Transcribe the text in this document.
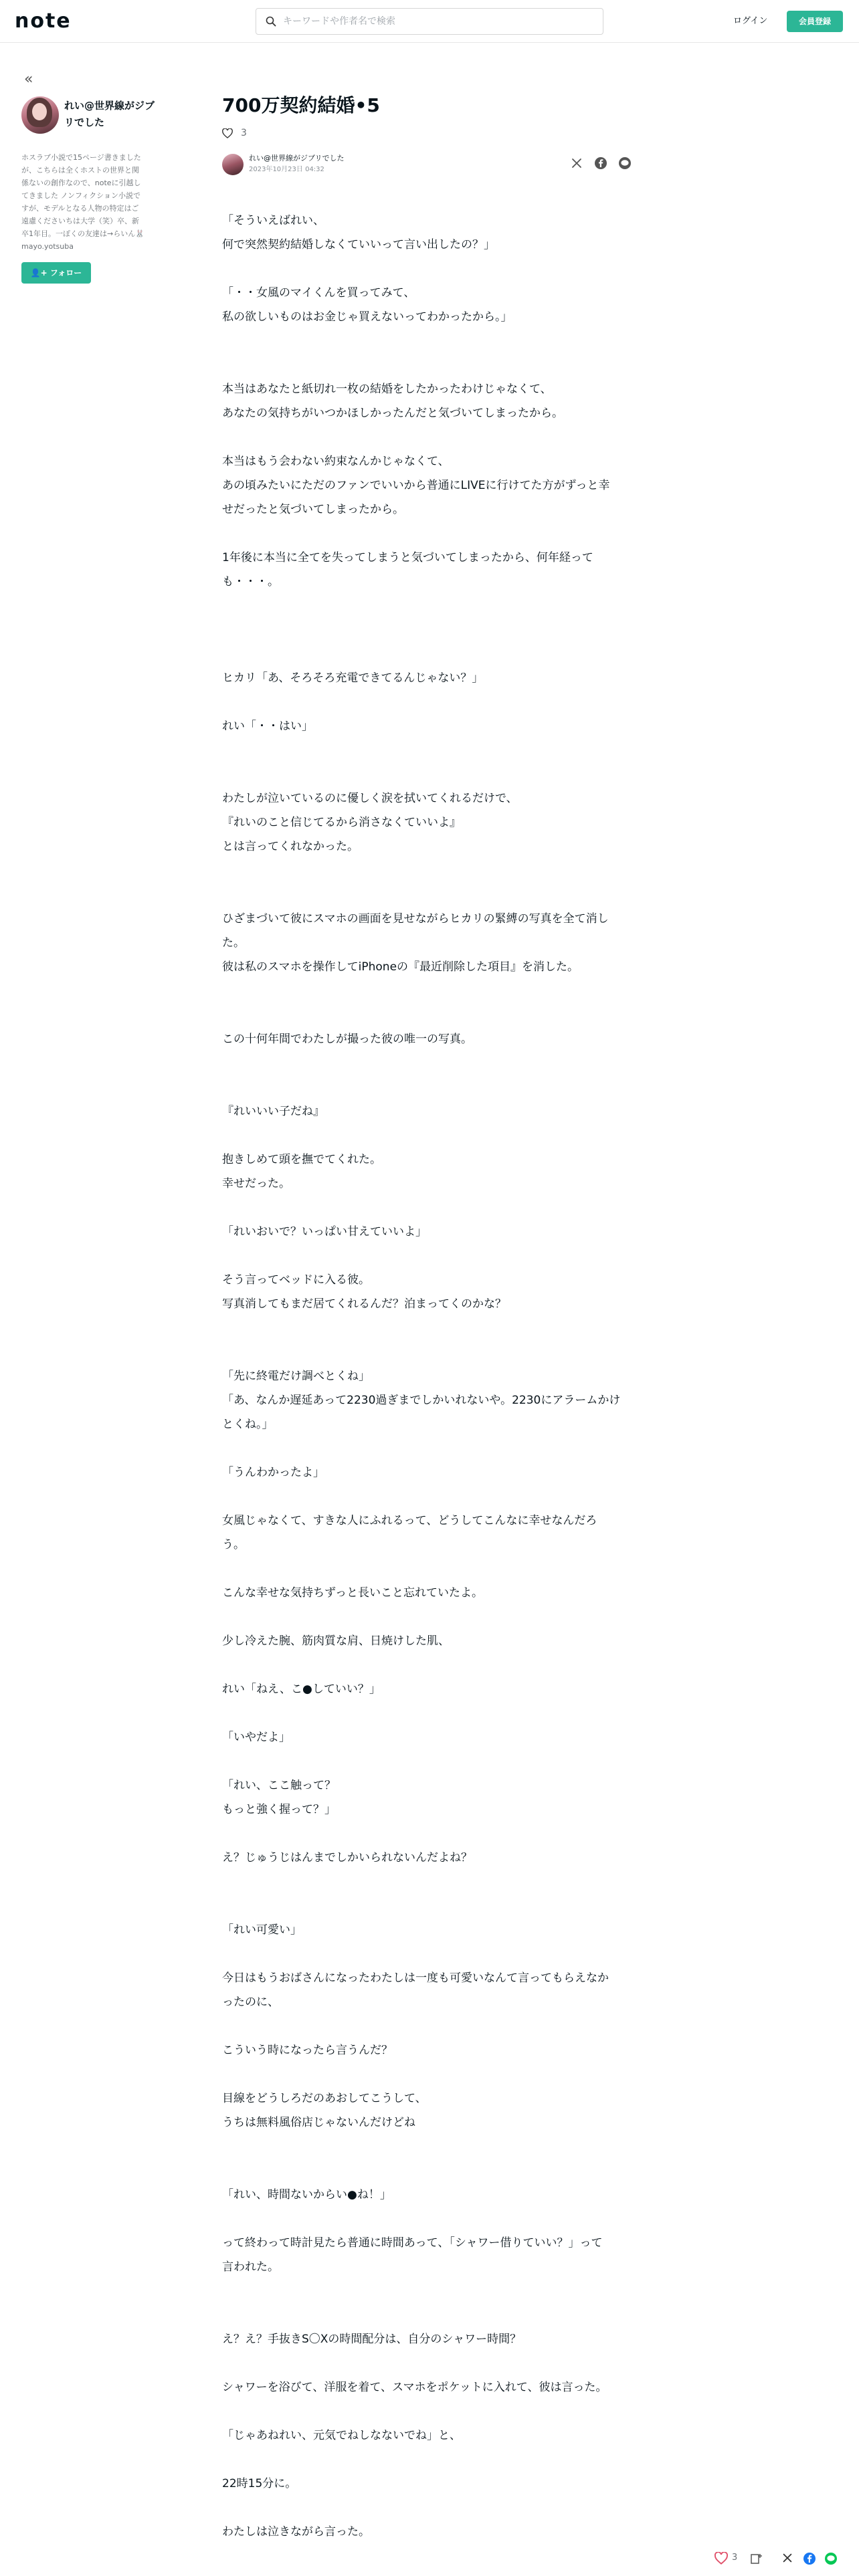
note
キーワードや作者名で検索	ログイン	会員登録
«
れい@世界線がジブリでした
ホスラブ小説で15ページ書きましたが、こちらは全くホストの世界と関係ないの創作なので、noteに引越してきました ノンフィクション小説ですが、モデルとなる人物の特定はご遠慮くださいちは大学（笑）卒、新卒1年目。一ぽくの友達は→らいん🐰 mayo.yotsuba
👤+ フォロー
700万契約結婚•5
3
れい@世界線がジブリでした
2023年10月23日 04:32

「そういえばれい、

何で突然契約結婚しなくていいって言い出したの？」

「・・女風のマイくんを買ってみて、

私の欲しいものはお金じゃ買えないってわかったから。」

本当はあなたと紙切れ一枚の結婚をしたかったわけじゃなくて、

あなたの気持ちがいつかほしかったんだと気づいてしまったから。

本当はもう会わない約束なんかじゃなくて、

あの頃みたいにただのファンでいいから普通にLIVEに行けてた方がずっと幸

せだったと気づいてしまったから。

1年後に本当に全てを失ってしまうと気づいてしまったから、何年経って

も・・・。

ヒカリ「あ、そろそろ充電できてるんじゃない？」

れい「・・はい」

わたしが泣いているのに優しく涙を拭いてくれるだけで、

『れいのこと信じてるから消さなくていいよ』

とは言ってくれなかった。

ひざまづいて彼にスマホの画面を見せながらヒカリの緊縛の写真を全て消し

た。

彼は私のスマホを操作してiPhoneの『最近削除した項目』を消した。

この十何年間でわたしが撮った彼の唯一の写真。

『れいいい子だね』

抱きしめて頭を撫でてくれた。

幸せだった。

「れいおいで？いっぱい甘えていいよ」

そう言ってベッドに入る彼。

写真消してもまだ居てくれるんだ？泊まってくのかな？

「先に終電だけ調べとくね」

「あ、なんか遅延あって2230過ぎまでしかいれないや。2230にアラームかけ

とくね。」

「うんわかったよ」

女風じゃなくて、すきな人にふれるって、どうしてこんなに幸せなんだろ

う。

こんな幸せな気持ちずっと長いこと忘れていたよ。

少し冷えた腕、筋肉質な肩、日焼けした肌、

れい「ねえ、こ●していい？」

「いやだよ」

「れい、ここ触って？

もっと強く握って？」

え？じゅうじはんまでしかいられないんだよね？

「れい可愛い」

今日はもうおばさんになったわたしは一度も可愛いなんて言ってもらえなか

ったのに、

こういう時になったら言うんだ？

目線をどうしろだのあおしてこうして、

うちは無料風俗店じゃないんだけどね

「れい、時間ないからい●ね！」

って終わって時計見たら普通に時間あって、「シャワー借りていい？」って

言われた。

え？え？手抜きS〇Xの時間配分は、自分のシャワー時間？

シャワーを浴びて、洋服を着て、スマホをポケットに入れて、彼は言った。

「じゃあねれい、元気でねしなないでね」と、

22時15分に。

わたしは泣きながら言った。

3
